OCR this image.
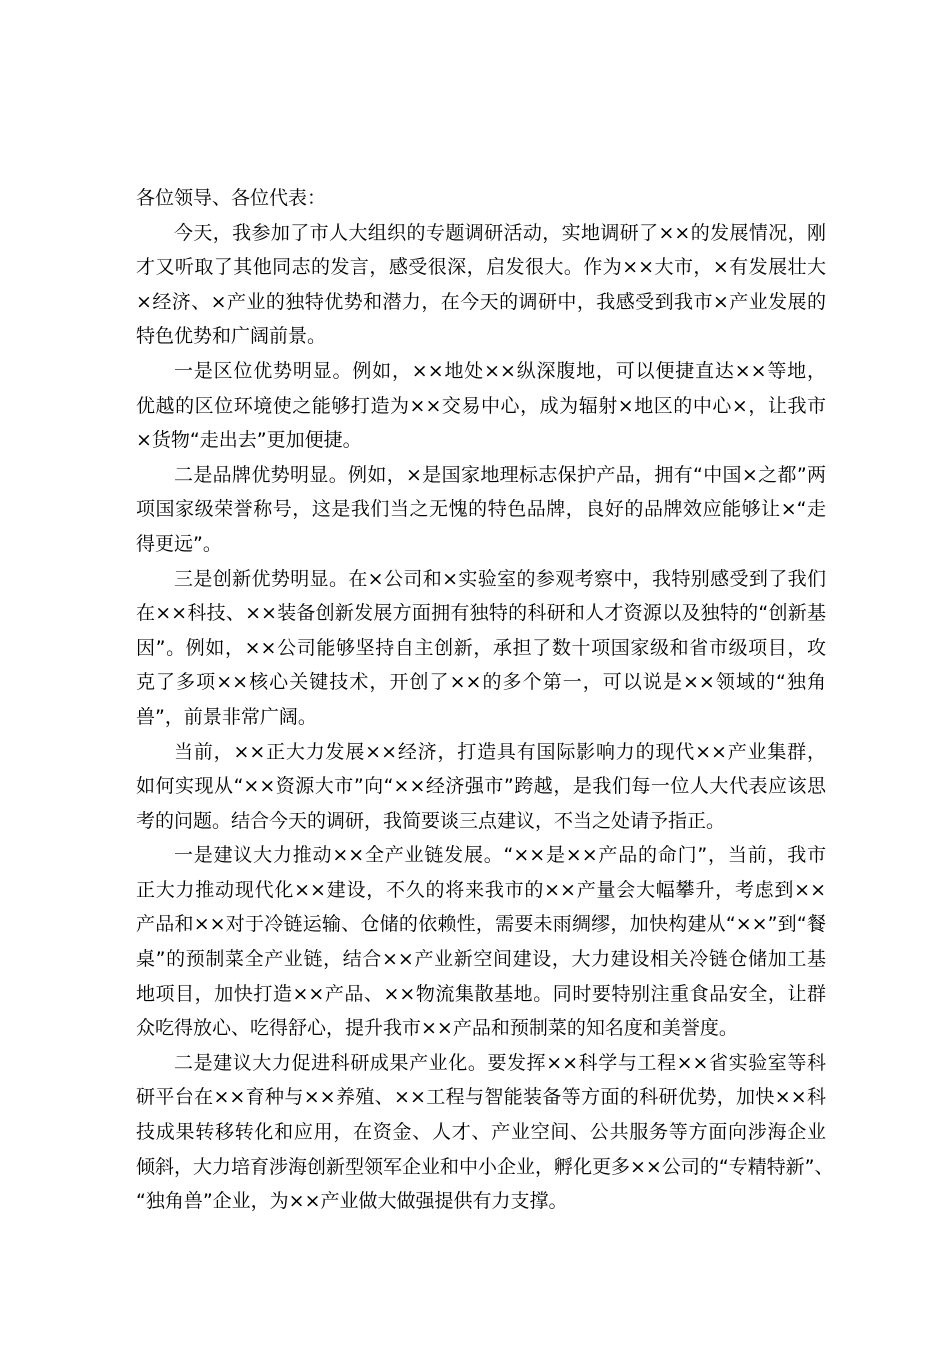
各位领导、各位代表：
今天，我参加了市人大组织的专题调研活动，实地调研了××的发展情况，刚
才又听取了其他同志的发言，感受很深，启发很大。作为××大市，×有发展壮大
×经济、×产业的独特优势和潜力，在今天的调研中，我感受到我市×产业发展的
特色优势和广阔前景。
一是区位优势明显。例如，××地处××纵深腹地，可以便捷直达××等地，
优越的区位环境使之能够打造为××交易中心，成为辐射×地区的中心×，让我市
×货物“走出去”更加便捷。
二是品牌优势明显。例如，×是国家地理标志保护产品，拥有“中国×之都”两
项国家级荣誉称号，这是我们当之无愧的特色品牌，良好的品牌效应能够让×“走
得更远”。
三是创新优势明显。在×公司和×实验室的参观考察中，我特别感受到了我们
在××科技、××装备创新发展方面拥有独特的科研和人才资源以及独特的“创新基
因”。例如，××公司能够坚持自主创新，承担了数十项国家级和省市级项目，攻
克了多项××核心关键技术，开创了××的多个第一，可以说是××领域的“独角
兽”，前景非常广阔。
当前，××正大力发展××经济，打造具有国际影响力的现代××产业集群，
如何实现从“××资源大市”向“××经济强市”跨越，是我们每一位人大代表应该思
考的问题。结合今天的调研，我简要谈三点建议，不当之处请予指正。
一是建议大力推动××全产业链发展。“××是××产品的命门”，当前，我市
正大力推动现代化××建设，不久的将来我市的××产量会大幅攀升，考虑到××
产品和××对于冷链运输、仓储的依赖性，需要未雨绸缪，加快构建从“××”到“餐
桌”的预制菜全产业链，结合××产业新空间建设，大力建设相关冷链仓储加工基
地项目，加快打造××产品、××物流集散基地。同时要特别注重食品安全，让群
众吃得放心、吃得舒心，提升我市××产品和预制菜的知名度和美誉度。
二是建议大力促进科研成果产业化。要发挥××科学与工程××省实验室等科
研平台在××育种与××养殖、××工程与智能装备等方面的科研优势，加快××科
技成果转移转化和应用，在资金、人才、产业空间、公共服务等方面向涉海企业
倾斜，大力培育涉海创新型领军企业和中小企业，孵化更多××公司的“专精特新”、
“独角兽”企业，为××产业做大做强提供有力支撑。
